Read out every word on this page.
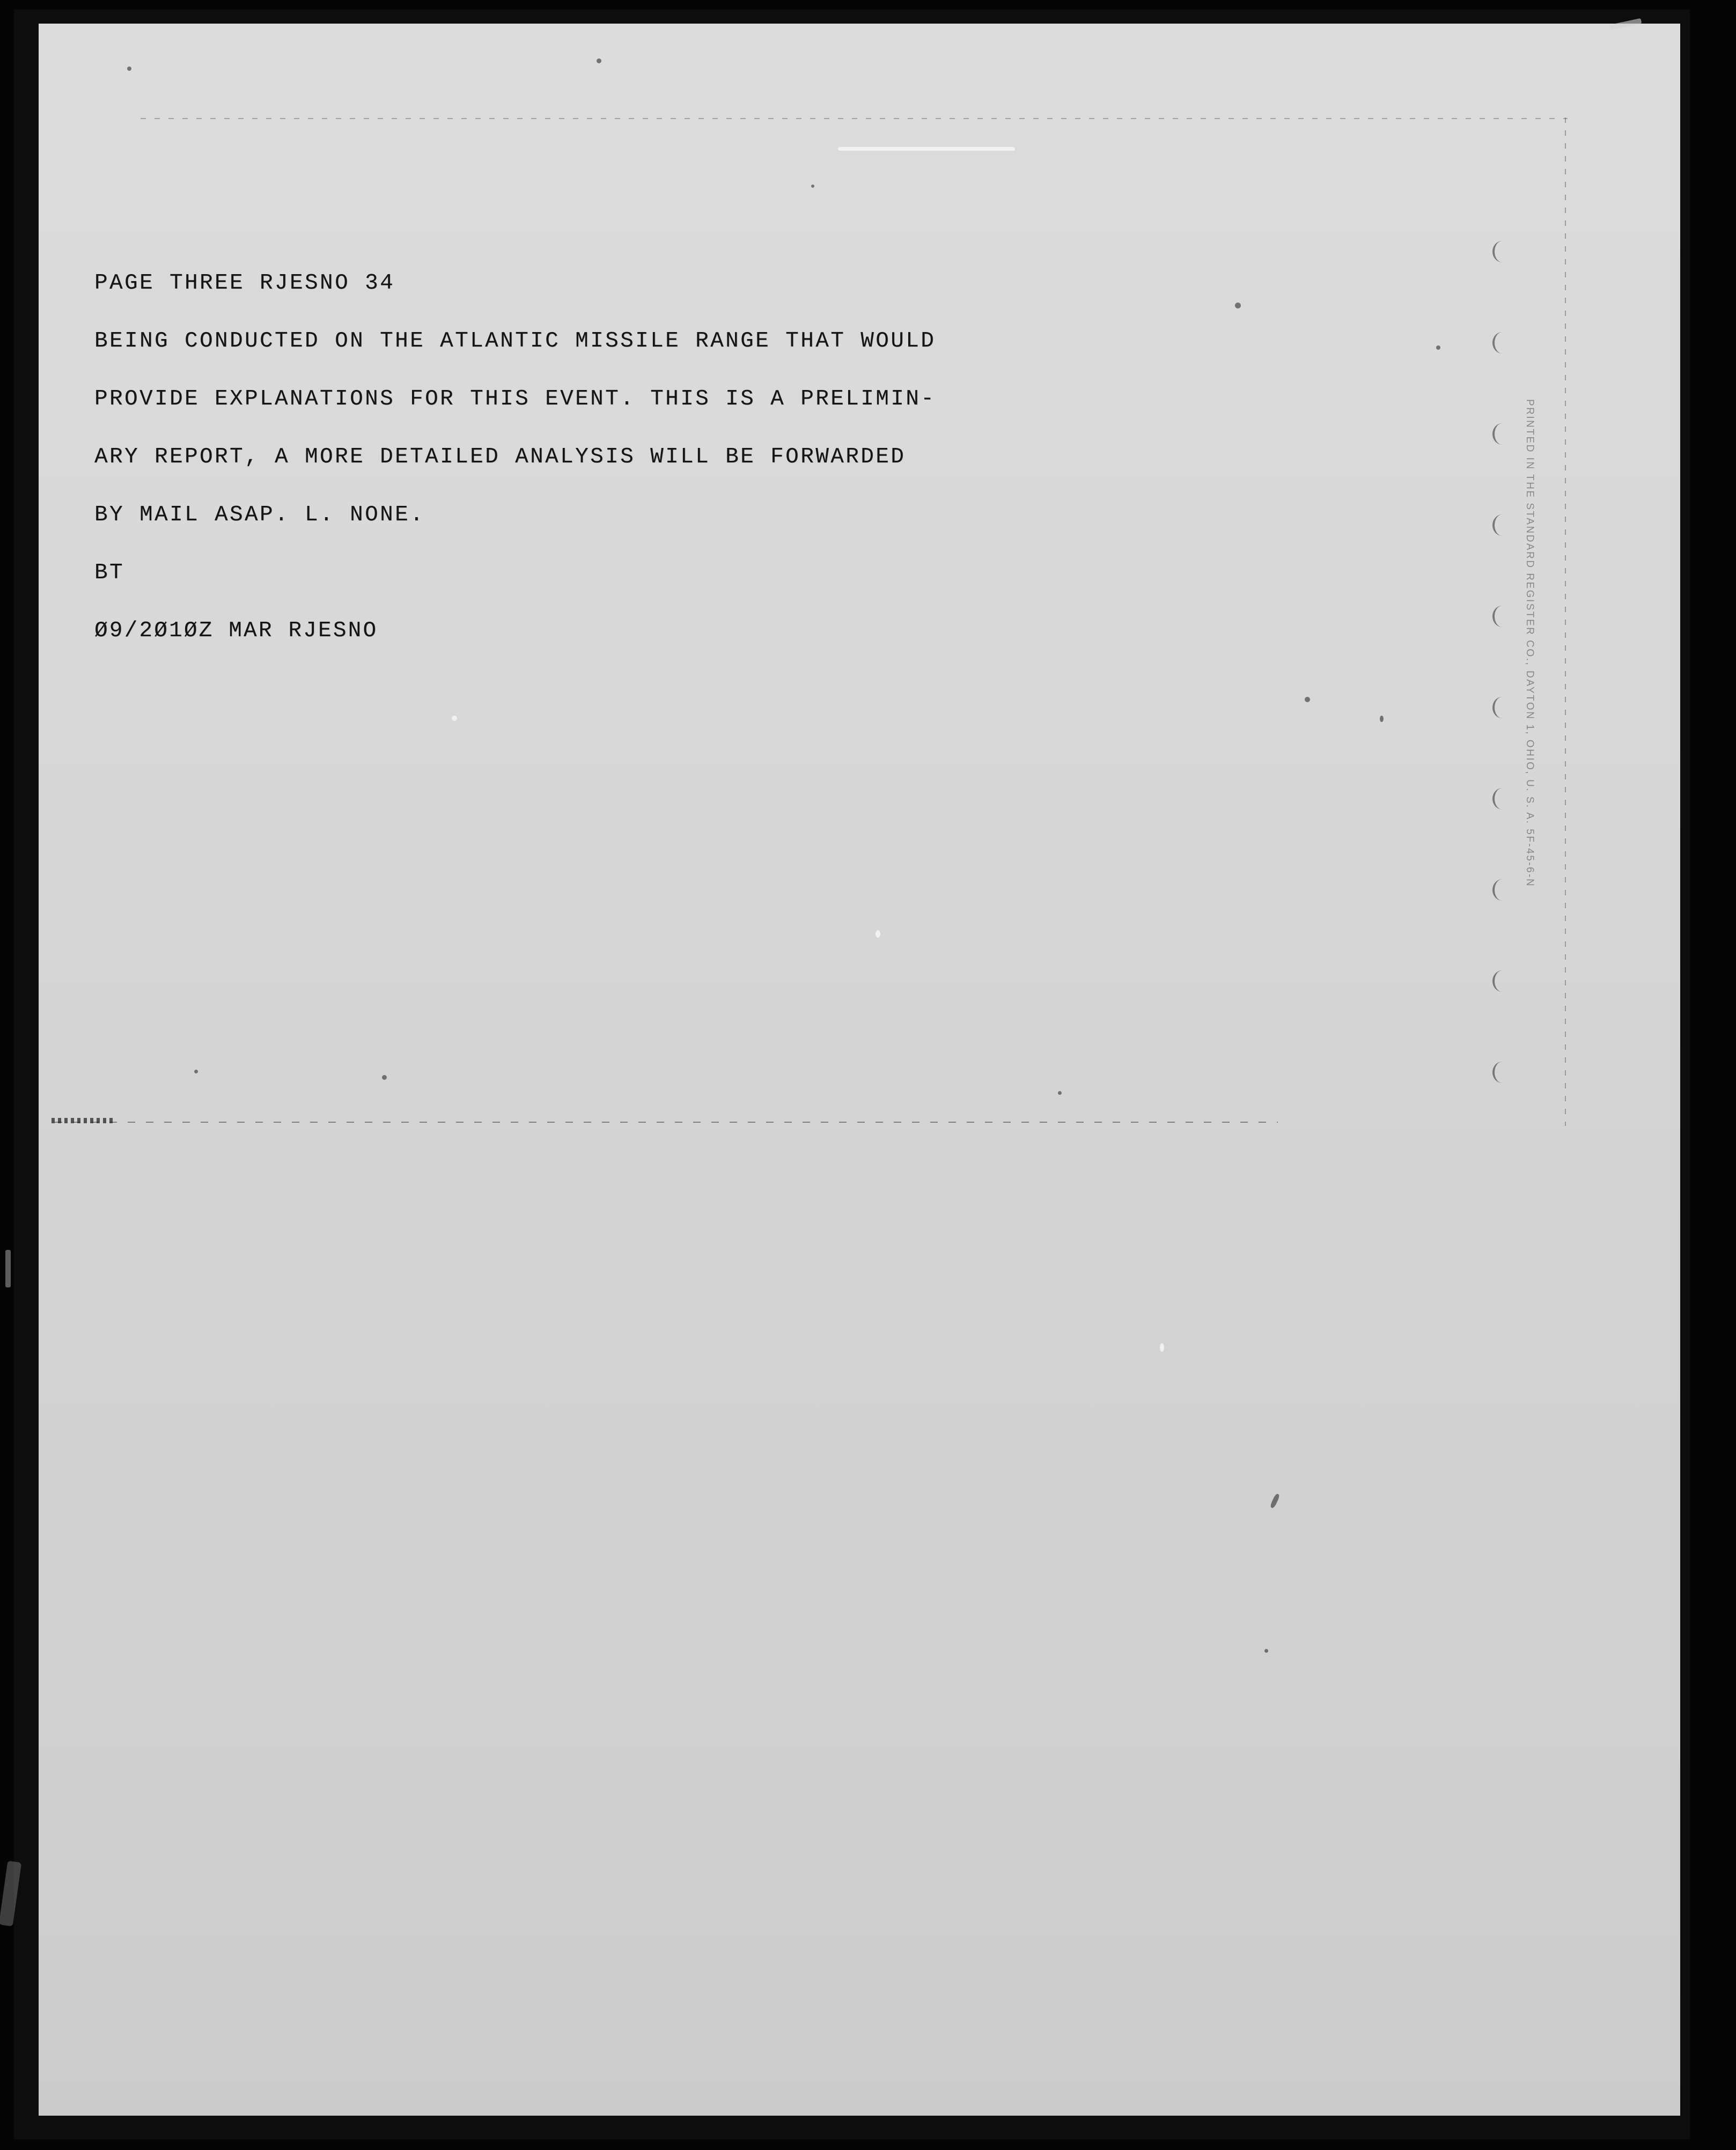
PRINTED IN THE STANDARD REGISTER CO., DAYTON 1, OHIO, U. S. A. 5F-45-6-N
PAGE THREE RJESNO 34
BEING CONDUCTED ON THE ATLANTIC MISSILE RANGE THAT WOULD
PROVIDE EXPLANATIONS FOR THIS EVENT. THIS IS A PRELIMIN-
ARY REPORT, A MORE DETAILED ANALYSIS WILL BE FORWARDED
BY MAIL ASAP. L. NONE.
BT
Ø9/2Ø1ØZ MAR RJESNO
